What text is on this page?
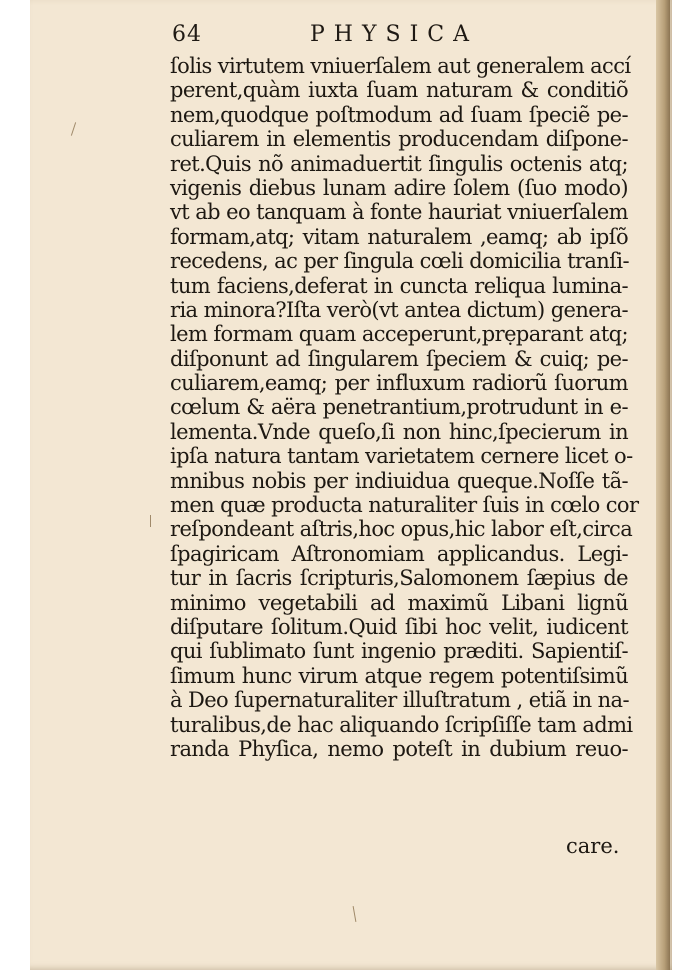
64	PHYSICA
ſolis virtutem vniuerſalem aut generalem accí
perent,quàm iuxta ſuam naturam & conditiõ
nem,quodque poſtmodum ad ſuam ſpeciẽ pe-
culiarem in elementis producendam diſpone-
ret.Quis nõ animaduertit ſingulis octenis atq;
vigenis diebus lunam adire ſolem (ſuo modo)
vt ab eo tanquam à fonte hauriat vniuerſalem
formam,atq; vitam naturalem ,eamq; ab ipſõ
recedens, ac per ſingula cœli domicilia tranſi-
tum faciens,deferat in cuncta reliqua lumina-
ria minora?Iſta verò(vt antea dictum) genera-
lem formam quam acceperunt,prẹparant atq;
diſponunt ad ſingularem ſpeciem & cuiq; pe-
culiarem,eamq; per influxum radiorũ ſuorum
cœlum & aëra penetrantium,protrudunt in e-
lementa.Vnde queſo,ſi non hinc,ſpecierum in
ipſa natura tantam varietatem cernere licet o-
mnibus nobis per indiuidua queque.Noſſe tã-
men quæ producta naturaliter ſuis in cœlo cor
reſpondeant aſtris,hoc opus,hic labor eſt,circa
ſpagiricam Aſtronomiam applicandus. Legi-
tur in ſacris ſcripturis,Salomonem ſæpius de
minimo vegetabili ad maximũ Libani lignũ
diſputare ſolitum.Quid ſibi hoc velit, iudicent
qui ſublimato ſunt ingenio præditi. Sapientiſ-
ſimum hunc virum atque regem potentiſsimũ
à Deo ſupernaturaliter illuſtratum , etiã in na-
turalibus,de hac aliquando ſcripſiſſe tam admi
randa Phyſica, nemo poteſt in dubium reuo-
care.
